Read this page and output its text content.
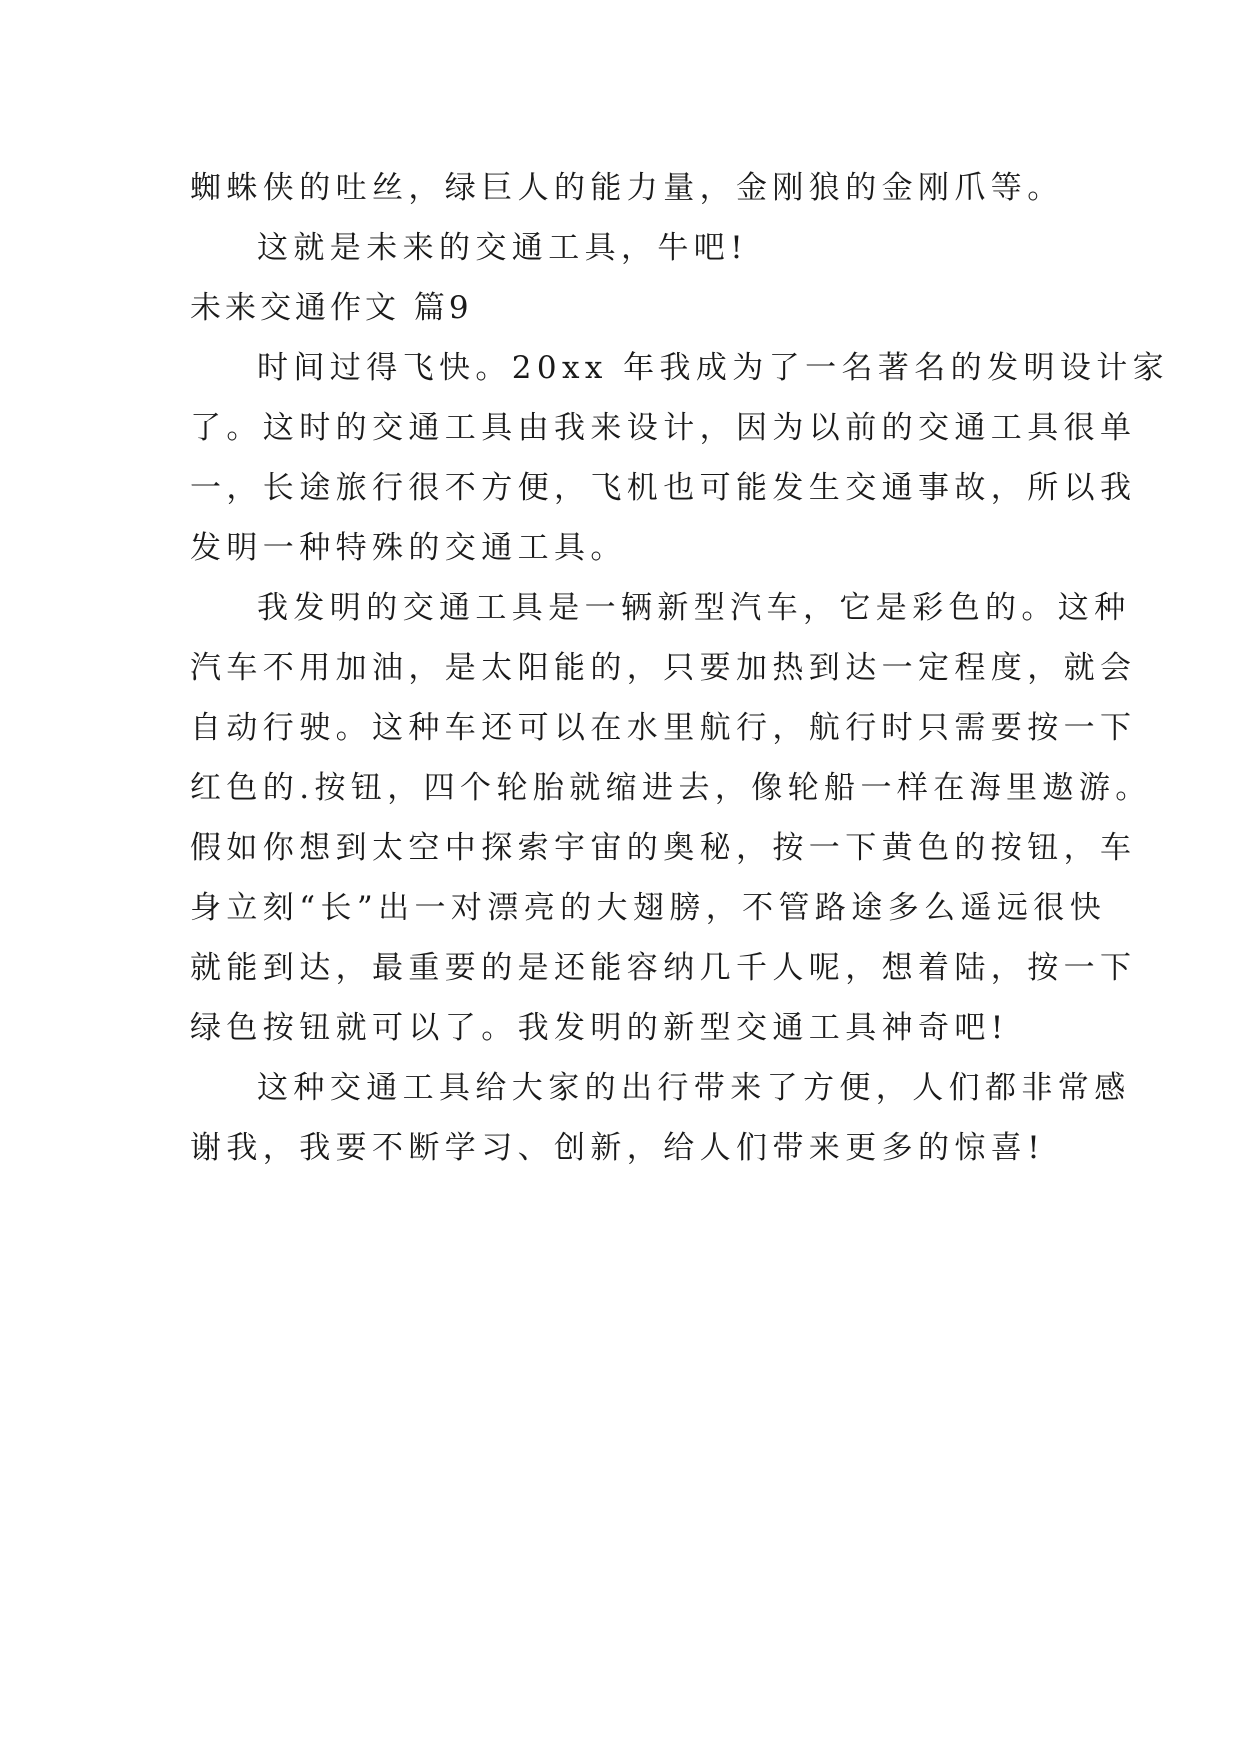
蜘蛛侠的吐丝，绿巨人的能力量，金刚狼的金刚爪等。
这就是未来的交通工具，牛吧!
未来交通作文 篇9
时间过得飞快。20xx 年我成为了一名著名的发明设计家
了。这时的交通工具由我来设计，因为以前的交通工具很单
一，长途旅行很不方便，飞机也可能发生交通事故，所以我
发明一种特殊的交通工具。
我发明的交通工具是一辆新型汽车，它是彩色的。这种
汽车不用加油，是太阳能的，只要加热到达一定程度，就会
自动行驶。这种车还可以在水里航行，航行时只需要按一下
红色的.按钮，四个轮胎就缩进去，像轮船一样在海里遨游。
假如你想到太空中探索宇宙的奥秘，按一下黄色的按钮，车
身立刻“长”出一对漂亮的大翅膀，不管路途多么遥远很快
就能到达，最重要的是还能容纳几千人呢，想着陆，按一下
绿色按钮就可以了。我发明的新型交通工具神奇吧!
这种交通工具给大家的出行带来了方便，人们都非常感
谢我，我要不断学习、创新，给人们带来更多的惊喜!
